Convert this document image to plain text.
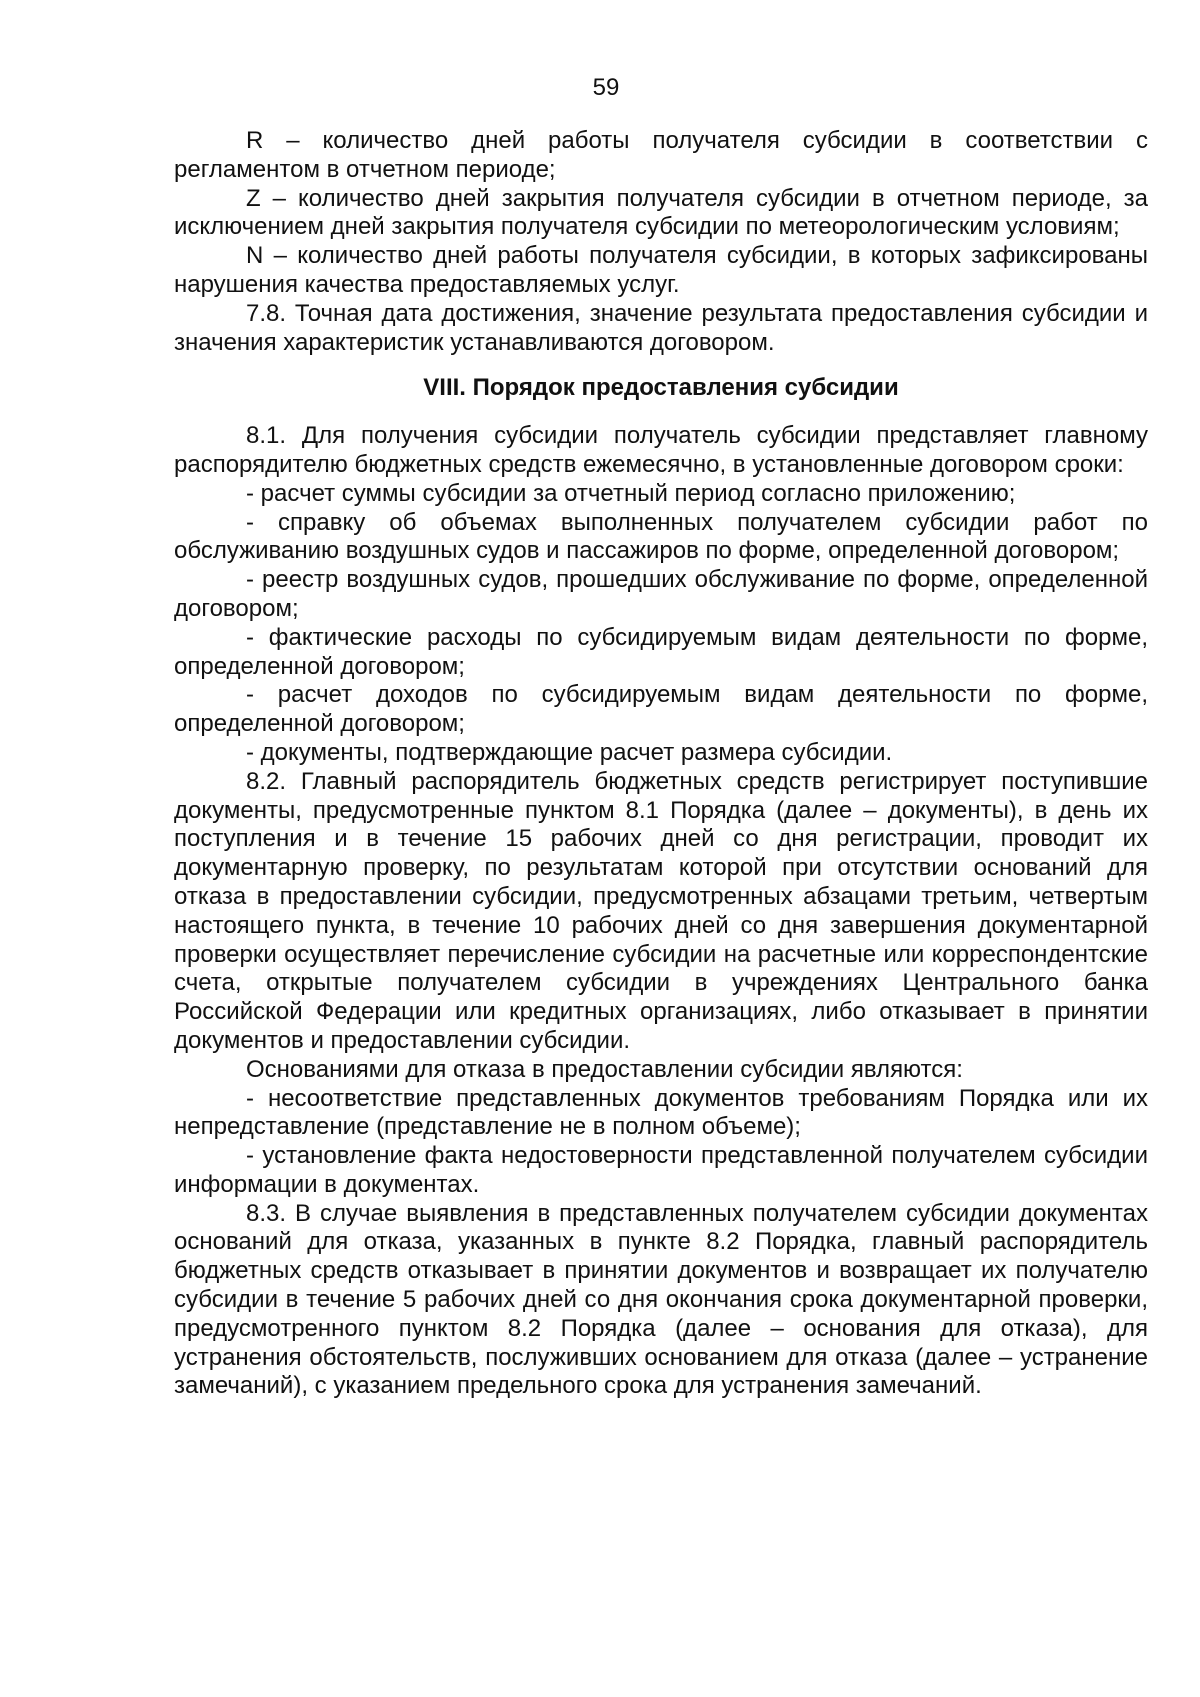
59

R – количество дней работы получателя субсидии в соответствии с регламентом в отчетном периоде;

Z – количество дней закрытия получателя субсидии в отчетном периоде, за исключением дней закрытия получателя субсидии по метеорологическим условиям;

N – количество дней работы получателя субсидии, в которых зафиксированы нарушения качества предоставляемых услуг.

7.8. Точная дата достижения, значение результата предоставления субсидии и значения характеристик устанавливаются договором.

VIII. Порядок предоставления субсидии

8.1. Для получения субсидии получатель субсидии представляет главному распорядителю бюджетных средств ежемесячно, в установленные договором сроки:

- расчет суммы субсидии за отчетный период согласно приложению;

- справку об объемах выполненных получателем субсидии работ по обслуживанию воздушных судов и пассажиров по форме, определенной договором;

- реестр воздушных судов, прошедших обслуживание по форме, определенной договором;

- фактические расходы по субсидируемым видам деятельности по форме, определенной договором;

- расчет доходов по субсидируемым видам деятельности по форме, определенной договором;

- документы, подтверждающие расчет размера субсидии.

8.2. Главный распорядитель бюджетных средств регистрирует поступившие документы, предусмотренные пунктом 8.1 Порядка (далее – документы), в день их поступления и в течение 15 рабочих дней со дня регистрации, проводит их документарную проверку, по результатам которой при отсутствии оснований для отказа в предоставлении субсидии, предусмотренных абзацами третьим, четвертым настоящего пункта, в течение 10 рабочих дней со дня завершения документарной проверки осуществляет перечисление субсидии на расчетные или корреспондентские счета, открытые получателем субсидии в учреждениях Центрального банка Российской Федерации или кредитных организациях, либо отказывает в принятии документов и предоставлении субсидии.

Основаниями для отказа в предоставлении субсидии являются:

- несоответствие представленных документов требованиям Порядка или их непредставление (представление не в полном объеме);

- установление факта недостоверности представленной получателем субсидии информации в документах.

8.3. В случае выявления в представленных получателем субсидии документах оснований для отказа, указанных в пункте 8.2 Порядка, главный распорядитель бюджетных средств отказывает в принятии документов и возвращает их получателю субсидии в течение 5 рабочих дней со дня окончания срока документарной проверки, предусмотренного пунктом 8.2 Порядка (далее – основания для отказа), для устранения обстоятельств, послуживших основанием для отказа (далее – устранение замечаний), с указанием предельного срока для устранения замечаний.
